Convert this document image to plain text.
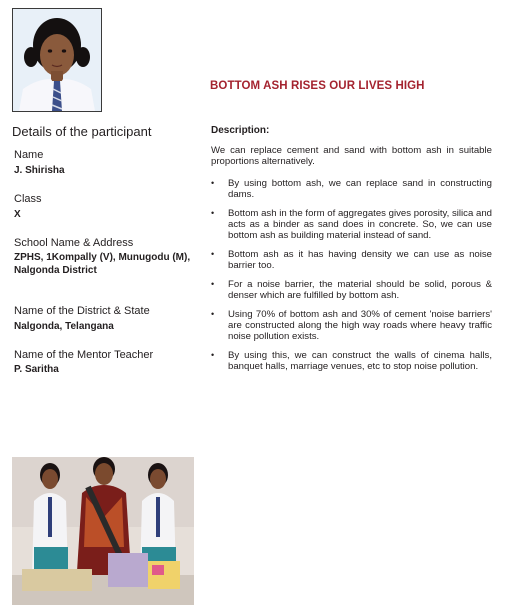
BOTTOM ASH RISES OUR LIVES HIGH
Details of the participant
Name
J. Shirisha
Class
X
School Name & Address
ZPHS, 1Kompally (V), Munugodu (M),
Nalgonda District
Name of the District & State
Nalgonda, Telangana
Name of the Mentor Teacher
P. Saritha
Description:
We can replace cement and sand with bottom ash in suitable proportions alternatively.
• By using bottom ash, we can replace sand in constructing dams.
• Bottom ash in the form of aggregates gives porosity, silica and acts as a binder as sand does in concrete. So, we can use bottom ash as building material instead of sand.
• Bottom ash as it has having density we can use as noise barrier too.
• For a noise barrier, the material should be solid, porous & denser which are fulfilled by bottom ash.
• Using 70% of bottom ash and 30% of cement 'noise barriers' are constructed along the high way roads where heavy traffic noise pollution exists.
• By using this, we can construct the walls of cinema halls, banquet halls, marriage venues, etc to stop noise pollution.
